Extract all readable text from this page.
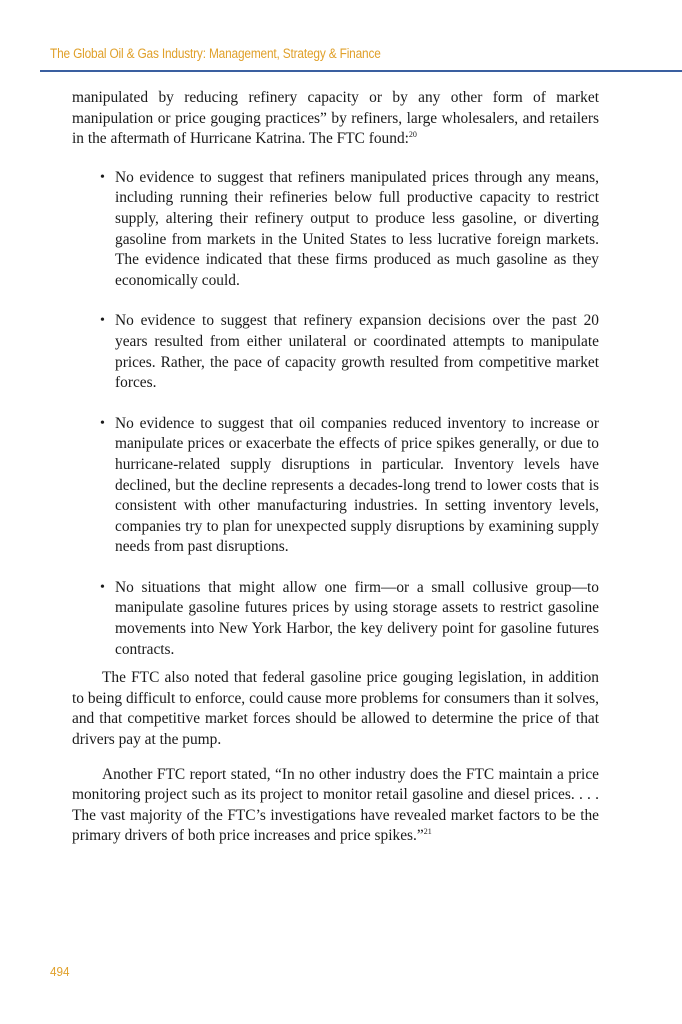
The Global Oil & Gas Industry: Management, Strategy & Finance

manipulated by reducing refinery capacity or by any other form of market manipulation or price gouging practices” by refiners, large wholesalers, and retailers in the aftermath of Hurricane Katrina. The FTC found:$^{20}$

• No evidence to suggest that refiners manipulated prices through any means, including running their refineries below full productive capacity to restrict supply, altering their refinery output to produce less gasoline, or diverting gasoline from markets in the United States to less lucrative foreign markets. The evidence indicated that these firms produced as much gasoline as they economically could.
• No evidence to suggest that refinery expansion decisions over the past 20 years resulted from either unilateral or coordinated attempts to manipulate prices. Rather, the pace of capacity growth resulted from competitive market forces.
• No evidence to suggest that oil companies reduced inventory to increase or manipulate prices or exacerbate the effects of price spikes generally, or due to hurricane-related supply disruptions in particular. Inventory levels have declined, but the decline represents a decades-long trend to lower costs that is consistent with other manufacturing industries. In setting inventory levels, companies try to plan for unexpected supply disruptions by examining supply needs from past disruptions.
• No situations that might allow one firm—or a small collusive group—to manipulate gasoline futures prices by using storage assets to restrict gasoline movements into New York Harbor, the key delivery point for gasoline futures contracts.

The FTC also noted that federal gasoline price gouging legislation, in addition to being difficult to enforce, could cause more problems for consumers than it solves, and that competitive market forces should be allowed to determine the price of that drivers pay at the pump.

Another FTC report stated, “In no other industry does the FTC maintain a price monitoring project such as its project to monitor retail gasoline and diesel prices. . . . The vast majority of the FTC’s investigations have revealed market factors to be the primary drivers of both price increases and price spikes.”$^{21}$

494
